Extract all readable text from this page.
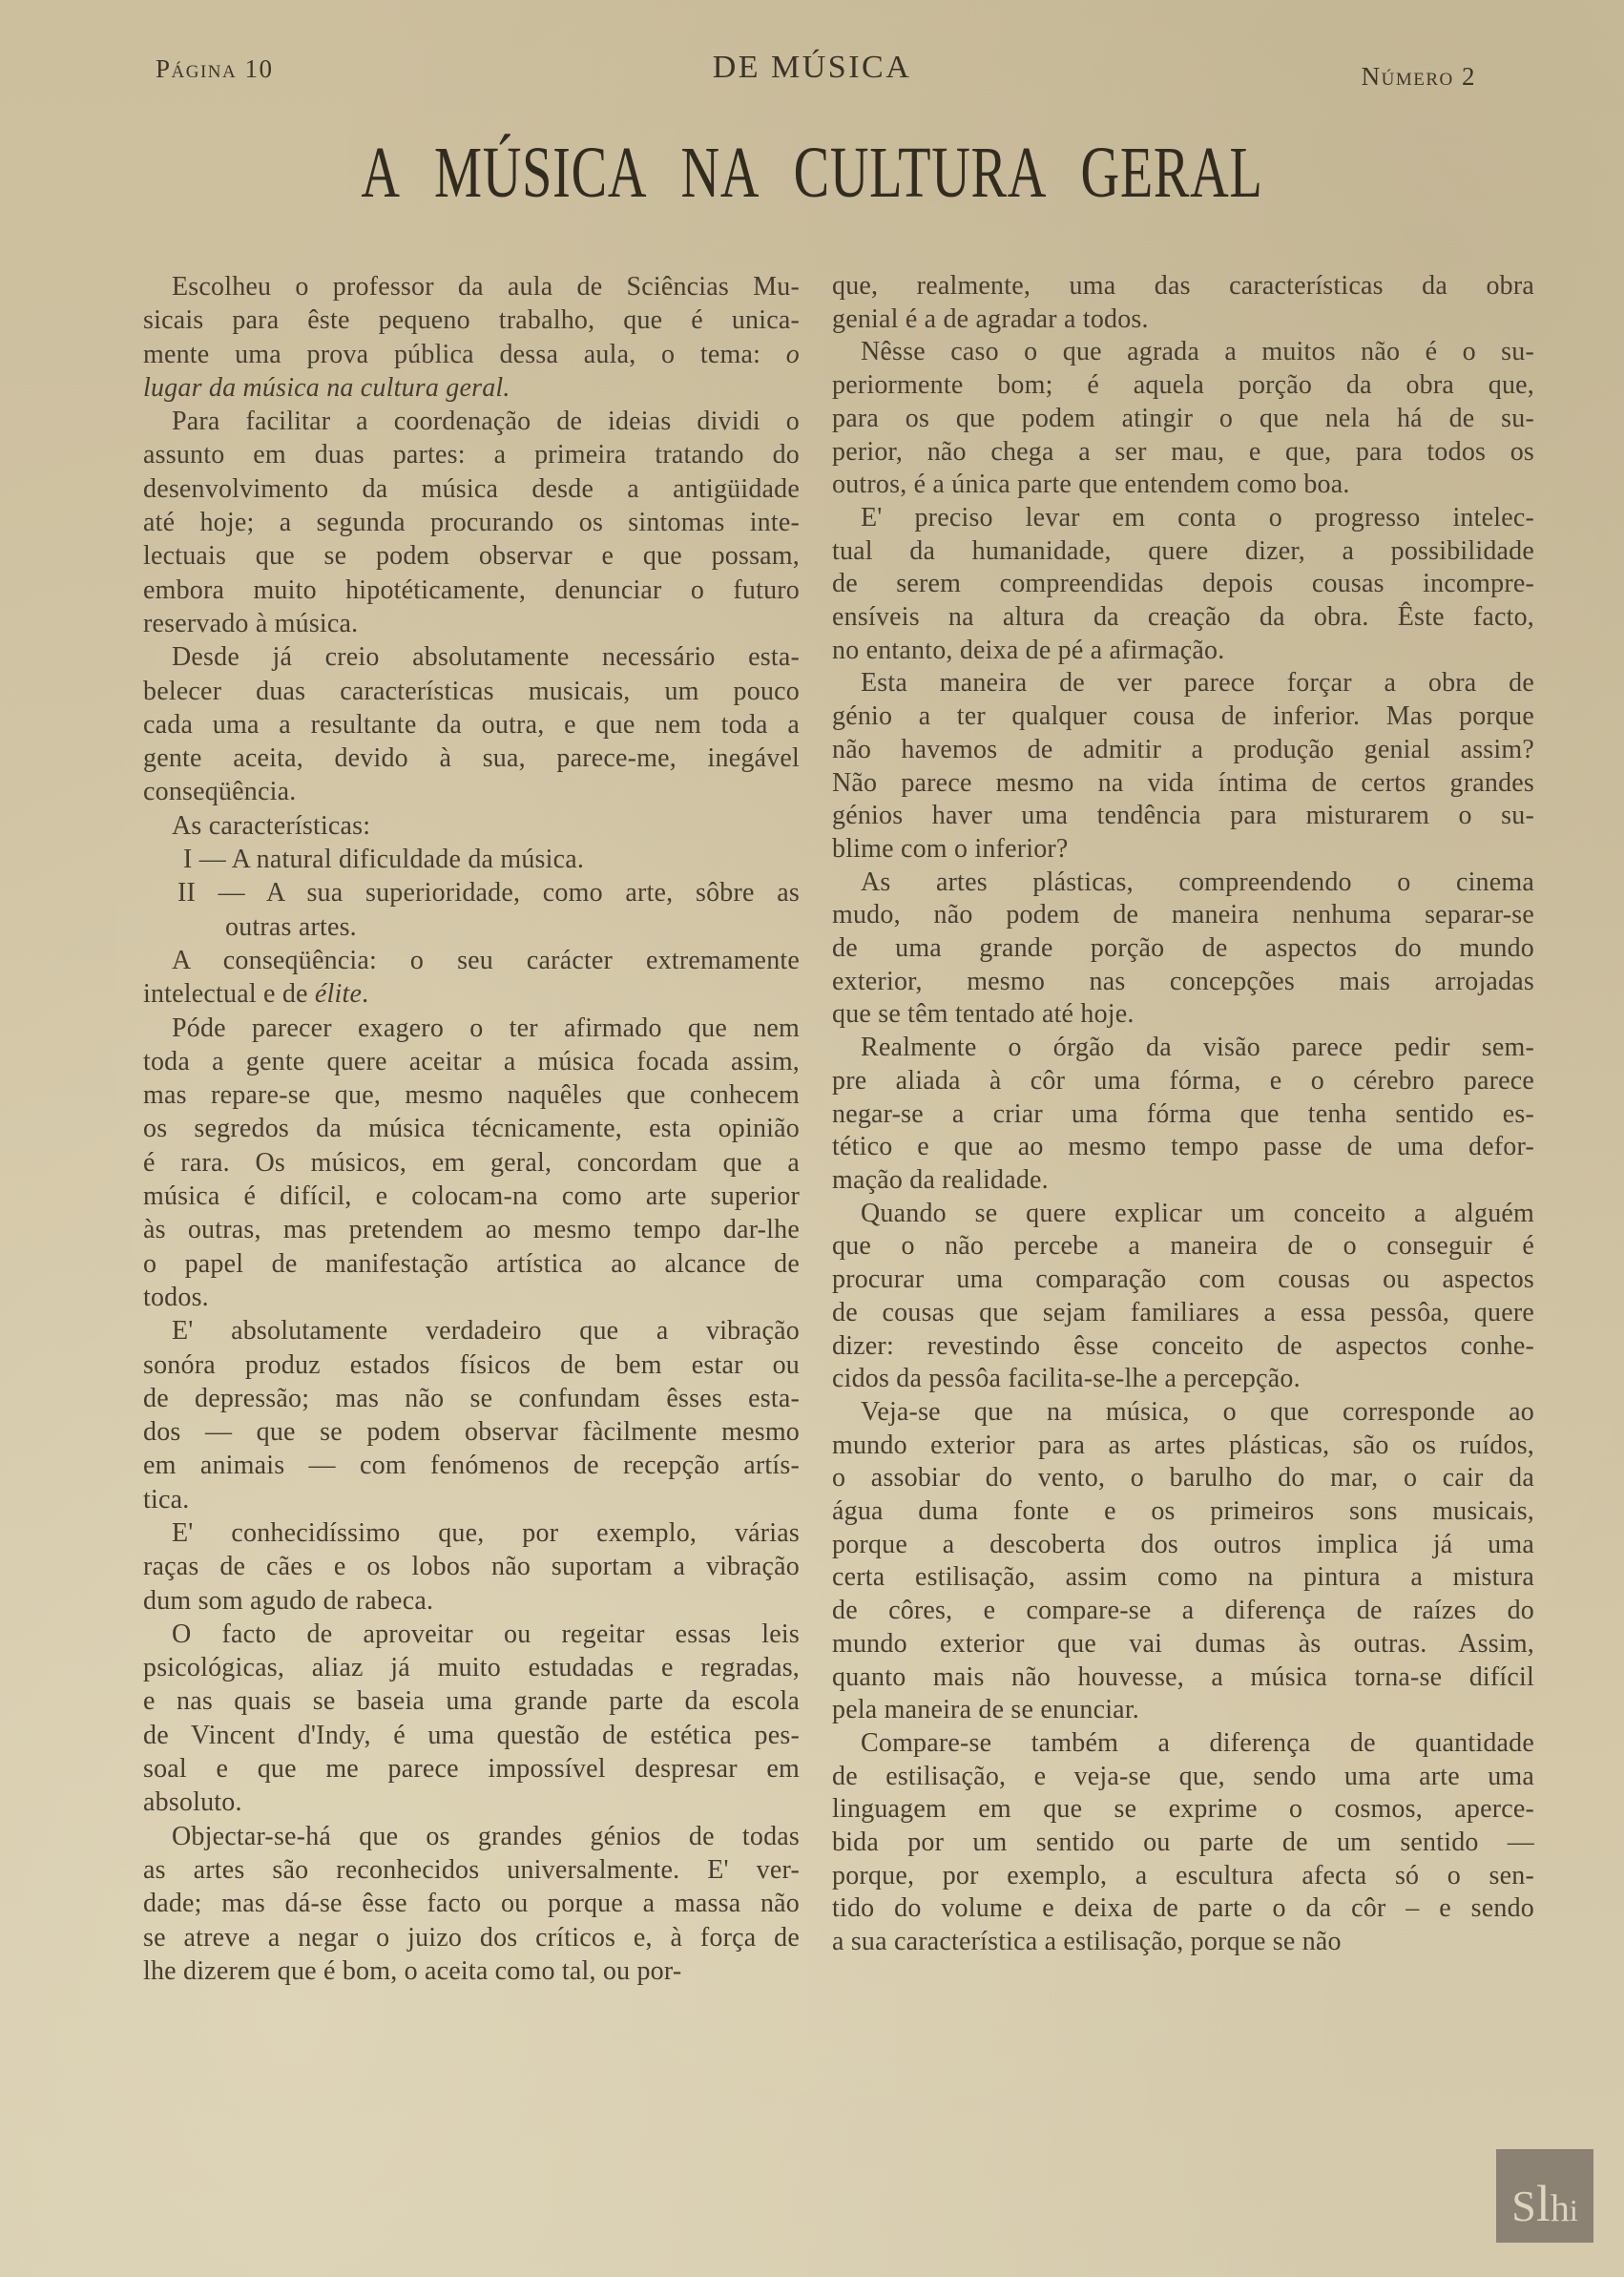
Página 10	DE MÚSICA	Número 2
A MÚSICA NA CULTURA GERAL
Escolheu o professor da aula de Sciências Mu-
sicais para êste pequeno trabalho, que é unica-
mente uma prova pública dessa aula, o tema: o
lugar da música na cultura geral.
Para facilitar a coordenação de ideias dividi o
assunto em duas partes: a primeira tratando do
desenvolvimento da música desde a antigüidade
até hoje; a segunda procurando os sintomas inte-
lectuais que se podem observar e que possam,
embora muito hipotéticamente, denunciar o futuro
reservado à música.
Desde já creio absolutamente necessário esta-
belecer duas características musicais, um pouco
cada uma a resultante da outra, e que nem toda a
gente aceita, devido à sua, parece-me, inegável
conseqüência.
As características:
I — A natural dificuldade da música.
II — A sua superioridade, como arte, sôbre as
outras artes.
A conseqüência: o seu carácter extremamente
intelectual e de élite.
Póde parecer exagero o ter afirmado que nem
toda a gente quere aceitar a música focada assim,
mas repare-se que, mesmo naquêles que conhecem
os segredos da música técnicamente, esta opinião
é rara. Os músicos, em geral, concordam que a
música é difícil, e colocam-na como arte superior
às outras, mas pretendem ao mesmo tempo dar-lhe
o papel de manifestação artística ao alcance de
todos.
E' absolutamente verdadeiro que a vibração
sonóra produz estados físicos de bem estar ou
de depressão; mas não se confundam êsses esta-
dos — que se podem observar fàcilmente mesmo
em animais — com fenómenos de recepção artís-
tica.
E' conhecidíssimo que, por exemplo, várias
raças de cães e os lobos não suportam a vibração
dum som agudo de rabeca.
O facto de aproveitar ou regeitar essas leis
psicológicas, aliaz já muito estudadas e regradas,
e nas quais se baseia uma grande parte da escola
de Vincent d'Indy, é uma questão de estética pes-
soal e que me parece impossível despresar em
absoluto.
Objectar-se-há que os grandes génios de todas
as artes são reconhecidos universalmente. E' ver-
dade; mas dá-se êsse facto ou porque a massa não
se atreve a negar o juizo dos críticos e, à força de
lhe dizerem que é bom, o aceita como tal, ou por-
que, realmente, uma das características da obra
genial é a de agradar a todos.
Nêsse caso o que agrada a muitos não é o su-
periormente bom; é aquela porção da obra que,
para os que podem atingir o que nela há de su-
perior, não chega a ser mau, e que, para todos os
outros, é a única parte que entendem como boa.
E' preciso levar em conta o progresso intelec-
tual da humanidade, quere dizer, a possibilidade
de serem compreendidas depois cousas incompre-
ensíveis na altura da creação da obra. Êste facto,
no entanto, deixa de pé a afirmação.
Esta maneira de ver parece forçar a obra de
génio a ter qualquer cousa de inferior. Mas porque
não havemos de admitir a produção genial assim?
Não parece mesmo na vida íntima de certos grandes
génios haver uma tendência para misturarem o su-
blime com o inferior?
As artes plásticas, compreendendo o cinema
mudo, não podem de maneira nenhuma separar-se
de uma grande porção de aspectos do mundo
exterior, mesmo nas concepções mais arrojadas
que se têm tentado até hoje.
Realmente o órgão da visão parece pedir sem-
pre aliada à côr uma fórma, e o cérebro parece
negar-se a criar uma fórma que tenha sentido es-
tético e que ao mesmo tempo passe de uma defor-
mação da realidade.
Quando se quere explicar um conceito a alguém
que o não percebe a maneira de o conseguir é
procurar uma comparação com cousas ou aspectos
de cousas que sejam familiares a essa pessôa, quere
dizer: revestindo êsse conceito de aspectos conhe-
cidos da pessôa facilita-se-lhe a percepção.
Veja-se que na música, o que corresponde ao
mundo exterior para as artes plásticas, são os ruídos,
o assobiar do vento, o barulho do mar, o cair da
água duma fonte e os primeiros sons musicais,
porque a descoberta dos outros implica já uma
certa estilisação, assim como na pintura a mistura
de côres, e compare-se a diferença de raízes do
mundo exterior que vai dumas às outras. Assim,
quanto mais não houvesse, a música torna-se difícil
pela maneira de se enunciar.
Compare-se também a diferença de quantidade
de estilisação, e veja-se que, sendo uma arte uma
linguagem em que se exprime o cosmos, aperce-
bida por um sentido ou parte de um sentido —
porque, por exemplo, a escultura afecta só o sen-
tido do volume e deixa de parte o da côr – e sendo
a sua característica a estilisação, porque se não
S l h i
